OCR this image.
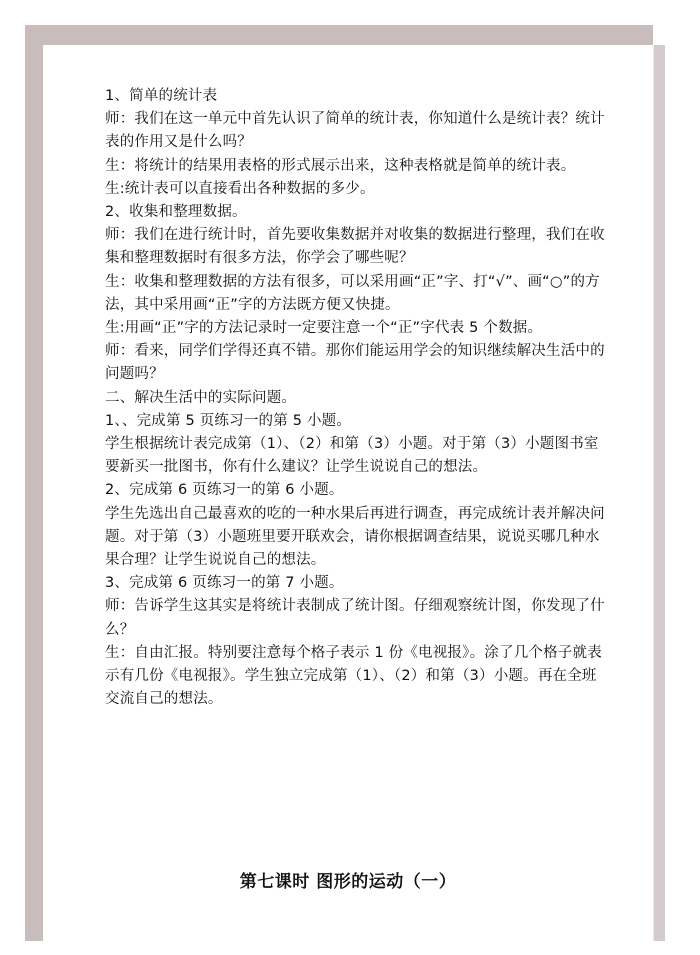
1、简单的统计表

师：我们在这一单元中首先认识了简单的统计表，你知道什么是统计表？统计表的作用又是什么吗？

生：将统计的结果用表格的形式展示出来，这种表格就是简单的统计表。

生:统计表可以直接看出各种数据的多少。

2、收集和整理数据。

师：我们在进行统计时，首先要收集数据并对收集的数据进行整理，我们在收集和整理数据时有很多方法，你学会了哪些呢？

生：收集和整理数据的方法有很多，可以采用画“正”字、打“√”、画“○”的方法，其中采用画“正”字的方法既方便又快捷。

生:用画“正”字的方法记录时一定要注意一个“正”字代表 5 个数据。

师：看来，同学们学得还真不错。那你们能运用学会的知识继续解决生活中的问题吗？

二、解决生活中的实际问题。

1、、完成第 5 页练习一的第 5 小题。

学生根据统计表完成第（1）、（2）和第（3）小题。对于第（3）小题图书室要新买一批图书，你有什么建议？让学生说说自己的想法。

2、完成第 6 页练习一的第 6 小题。

学生先选出自己最喜欢的吃的一种水果后再进行调查，再完成统计表并解决问题。对于第（3）小题班里要开联欢会，请你根据调查结果，说说买哪几种水果合理？让学生说说自己的想法。

3、完成第 6 页练习一的第 7 小题。

师：告诉学生这其实是将统计表制成了统计图。仔细观察统计图，你发现了什么？

生：自由汇报。特别要注意每个格子表示 1 份《电视报》。涂了几个格子就表示有几份《电视报》。学生独立完成第（1）、（2）和第（3）小题。再在全班交流自己的想法。

第七课时 图形的运动（一）
